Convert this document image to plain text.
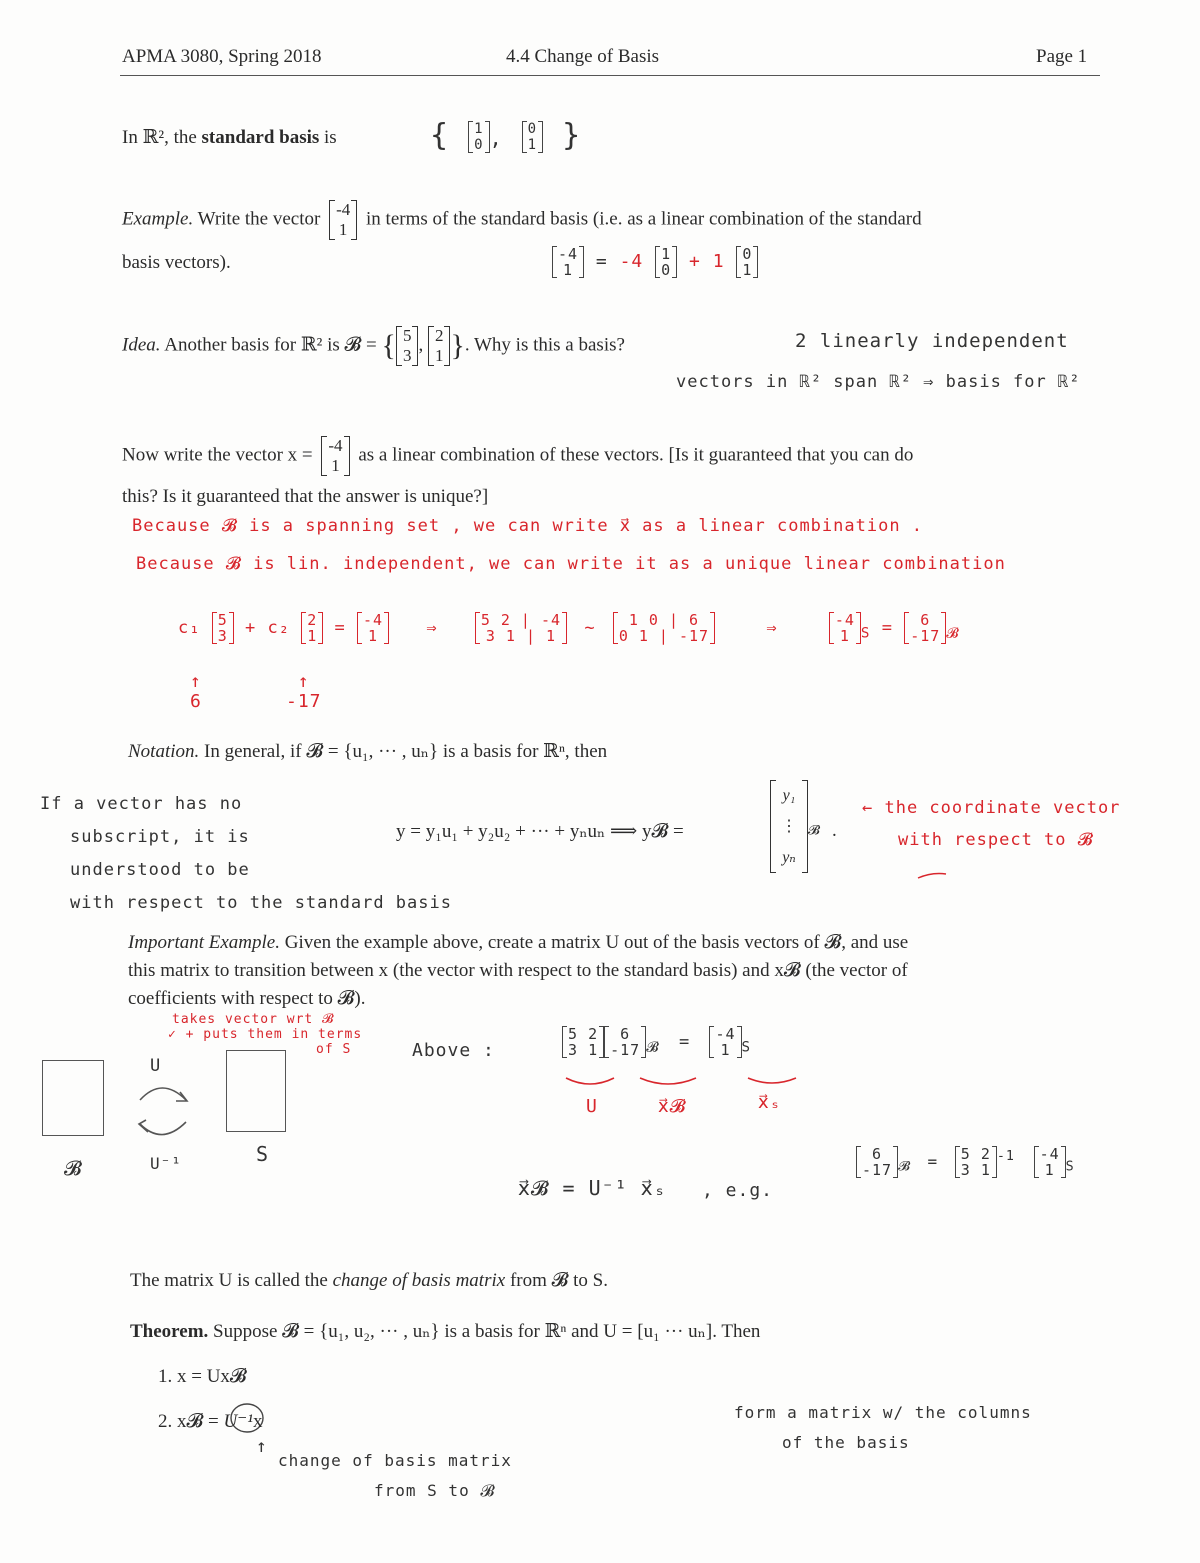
APMA 3080, Spring 2018	4.4 Change of Basis	Page 1
In ℝ², the standard basis is	{ 1
0 , 0
1 }
Example. Write the vector -4
1
in terms of the standard basis (i.e. as a linear combination of the standard
basis vectors).	-4
1 = -4 1
0 + 1 0
1
Idea. Another basis for ℝ² is 𝓑 = { 5
3
, 2
1 }. Why is this a basis?	2 linearly independent
vectors in ℝ² span ℝ² ⇒ basis for ℝ²
Now write the vector x = -4
1
as a linear combination of these vectors. [Is it guaranteed that you can do
this? Is it guaranteed that the answer is unique?]
Because 𝓑 is a spanning set , we can write x⃗ as a linear combination .
Because 𝓑 is lin. independent, we can write it as a unique linear combination
c₁ 5
3 + c₂ 2
1 = -4
1	⇒	5 2 | -4
3 1 | 1 ~	1 0 | 6
0 1 | -17	⇒	-4
1 $_S$ =	6
-17 $_𝓑$
↑
6
↑
-17
Notation. In general, if 𝓑 = {u₁, ··· , uₙ} is a basis for ℝⁿ, then
If a vector has no
subscript, it is
understood to be
with respect to the standard basis
y = y₁u₁ + y₂u₂ + ··· + yₙuₙ ⟹ y𝓑 =
y₁
⋮
yₙ
$_𝓑$ .
← the coordinate vector
with respect to 𝓑
Important Example. Given the example above, create a matrix U out of the basis vectors of 𝓑, and use
this matrix to transition between x (the vector with respect to the standard basis) and x𝓑 (the vector of
coefficients with respect to 𝓑).
takes vector wrt 𝓑
✓ + puts them in terms
of S
𝓑
S
U
U⁻¹
Above :
5 2
3 1
6
-17 $_𝓑$ = -4
1 $_S$
U	x⃗𝓑	x⃗ₛ
x⃗𝓑 = U⁻¹ x⃗ₛ , e.g.
6
-17 $_𝓑$ = 5 2
3 1
$^{-1}$ -4
1 $_S$
The matrix U is called the change of basis matrix from 𝓑 to S.
Theorem. Suppose 𝓑 = {u₁, u₂, ··· , uₙ} is a basis for ℝⁿ and U = [u₁ ··· uₙ]. Then
1. x = Ux𝓑
2. x𝓑 = U⁻¹x
↑
change of basis matrix
from S to 𝓑
form a matrix w/ the columns
of the basis
